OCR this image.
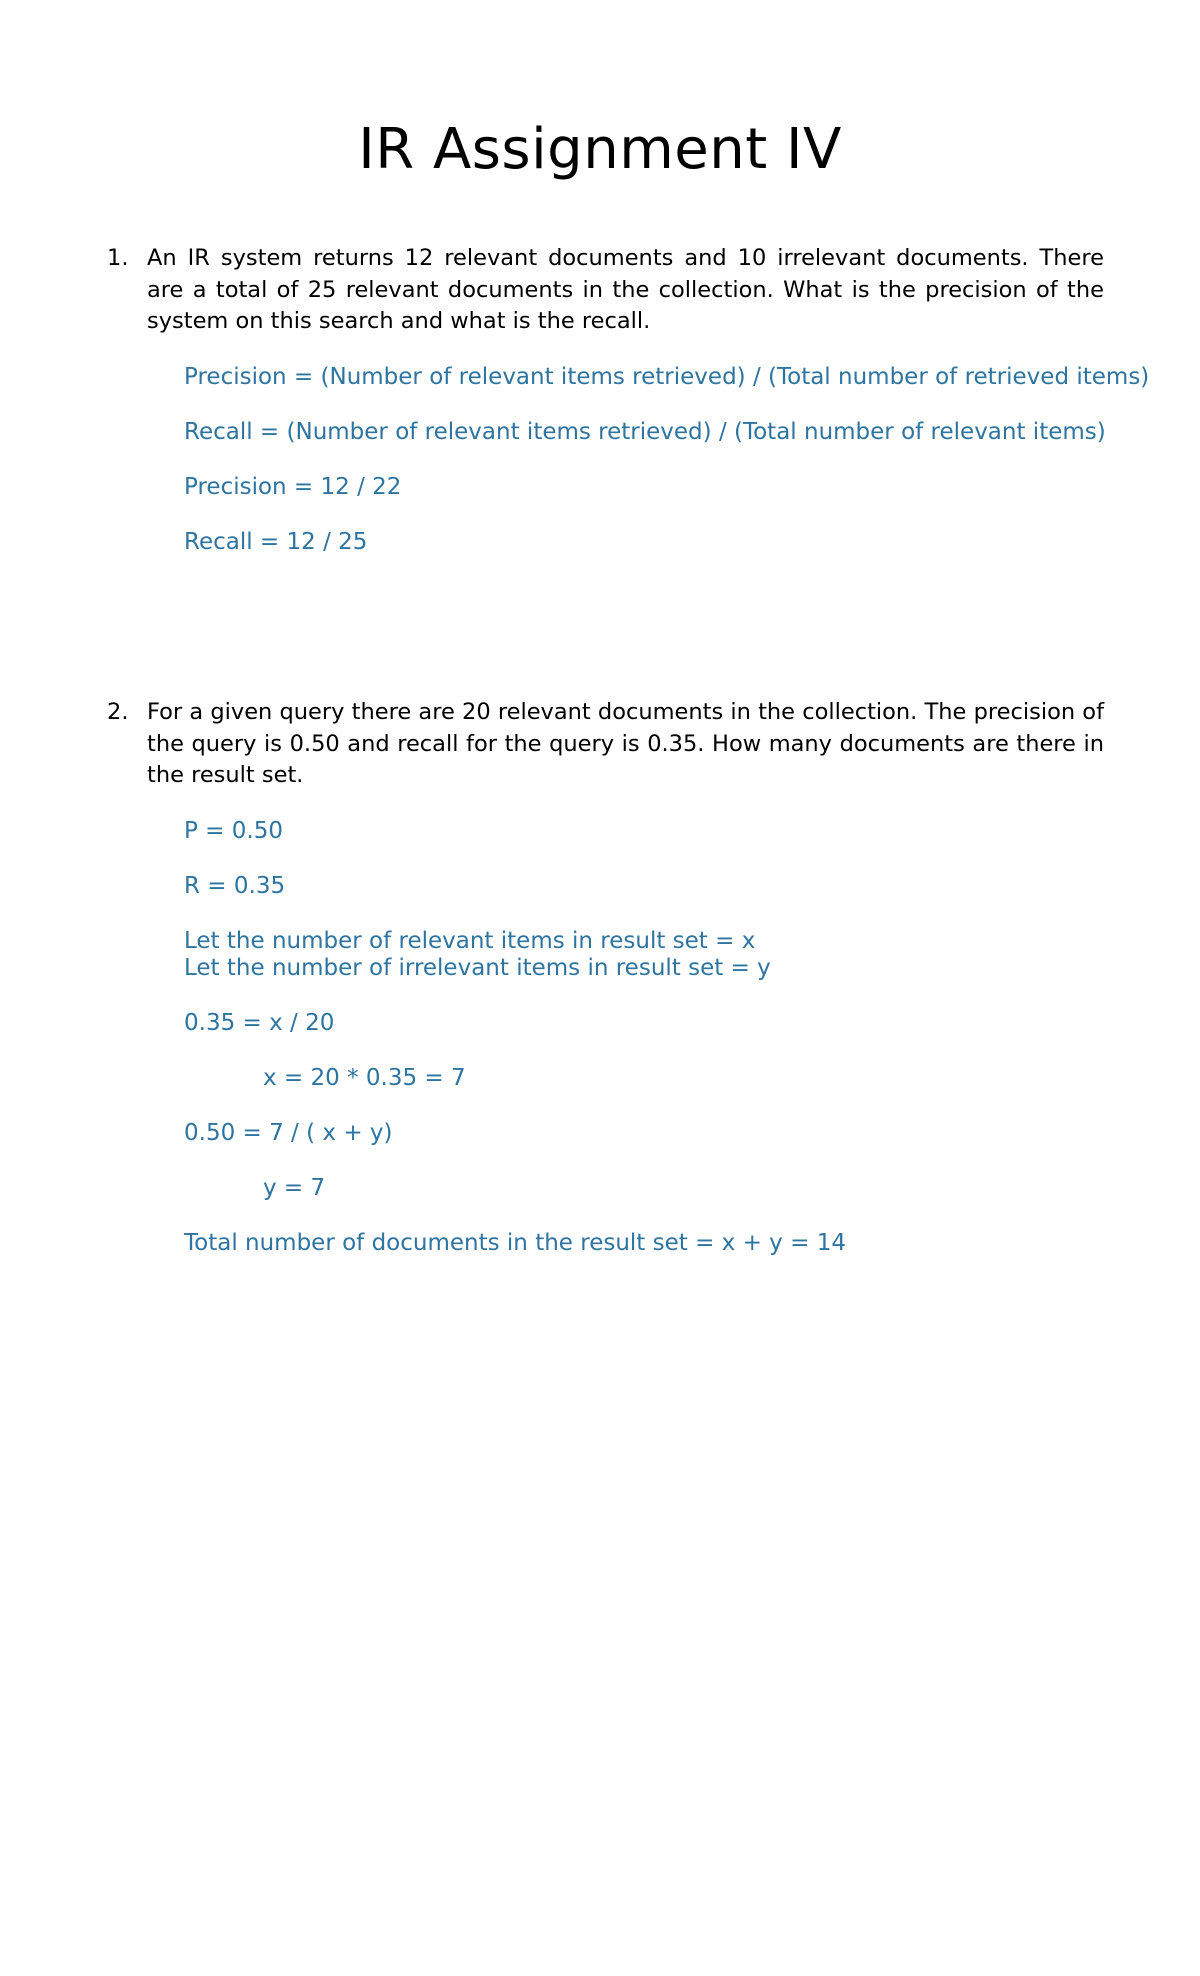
IR Assignment IV
1. An IR system returns 12 relevant documents and 10 irrelevant documents. There are a total of 25 relevant documents in the collection. What is the precision of the system on this search and what is the recall.

Precision = (Number of relevant items retrieved) / (Total number of retrieved items)

Recall = (Number of relevant items retrieved) / (Total number of relevant items)

Precision = 12 / 22

Recall = 12 / 25

2. For a given query there are 20 relevant documents in the collection. The precision of the query is 0.50 and recall for the query is 0.35. How many documents are there in the result set.

P = 0.50

R = 0.35

Let the number of relevant items in result set = x

Let the number of irrelevant items in result set = y

0.35 = x / 20

x = 20 * 0.35 = 7

0.50 = 7 / ( x + y)

y = 7

Total number of documents in the result set = x + y = 14
